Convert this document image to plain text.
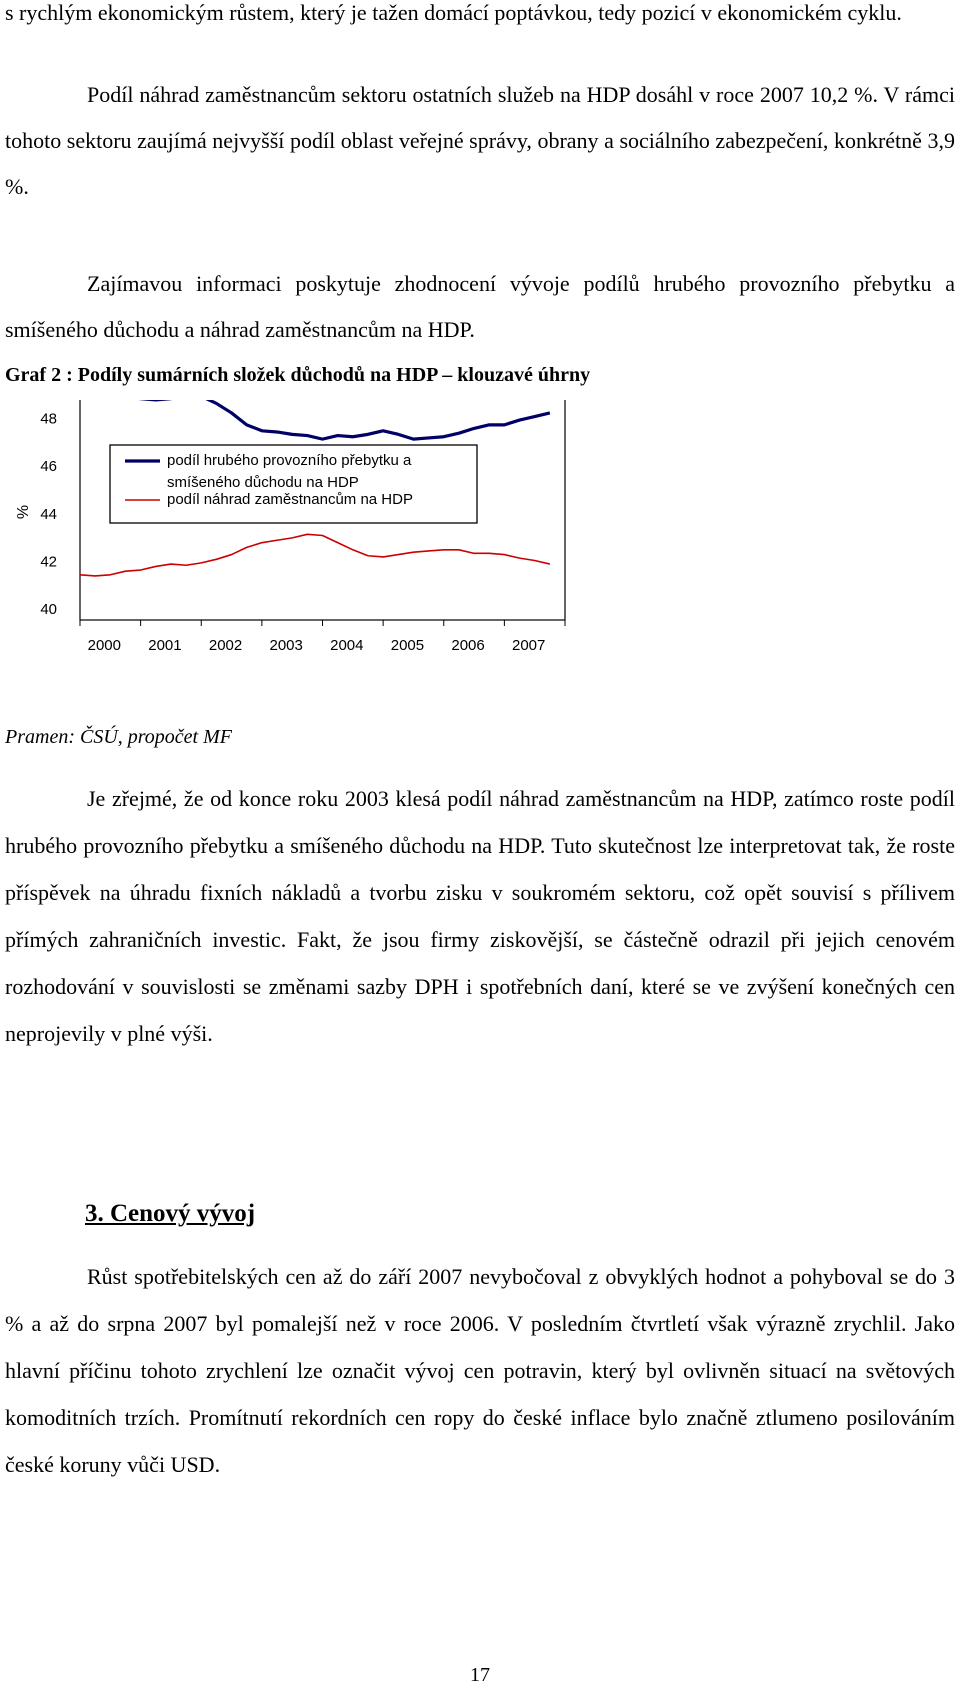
s rychlým ekonomickým růstem, který je tažen domácí poptávkou, tedy pozicí v ekonomickém cyklu.

Podíl náhrad zaměstnancům sektoru ostatních služeb na HDP dosáhl v roce 2007 10,2 %. V rámci tohoto sektoru zaujímá nejvyšší podíl oblast veřejné správy, obrany a sociálního zabezpečení, konkrétně 3,9 %.

Zajímavou informaci poskytuje zhodnocení vývoje podílů hrubého provozního přebytku a smíšeného důchodu a náhrad zaměstnancům na HDP.

Graf 2 : Podíly sumárních složek důchodů na HDP – klouzavé úhrny

40
42
44
46
48
2000 2001 2002 2003 2004 2005 2006 2007
%
podíl hrubého provozního přebytku a
smíšeného důchodu na HDP
podíl náhrad zaměstnancům na HDP

Pramen: ČSÚ, propočet MF

Je zřejmé, že od konce roku 2003 klesá podíl náhrad zaměstnancům na HDP, zatímco roste podíl hrubého provozního přebytku a smíšeného důchodu na HDP. Tuto skutečnost lze interpretovat tak, že roste příspěvek na úhradu fixních nákladů a tvorbu zisku v soukromém sektoru, což opět souvisí s přílivem přímých zahraničních investic. Fakt, že jsou firmy ziskovější, se částečně odrazil při jejich cenovém rozhodování v souvislosti se změnami sazby DPH i spotřebních daní, které se ve zvýšení konečných cen neprojevily v plné výši.

3. Cenový vývoj

Růst spotřebitelských cen až do září 2007 nevybočoval z obvyklých hodnot a pohyboval se do 3 % a až do srpna 2007 byl pomalejší než v roce 2006. V posledním čtvrtletí však výrazně zrychlil. Jako hlavní příčinu tohoto zrychlení lze označit vývoj cen potravin, který byl ovlivněn situací na světových komoditních trzích. Promítnutí rekordních cen ropy do české inflace bylo značně ztlumeno posilováním české koruny vůči USD.

17
